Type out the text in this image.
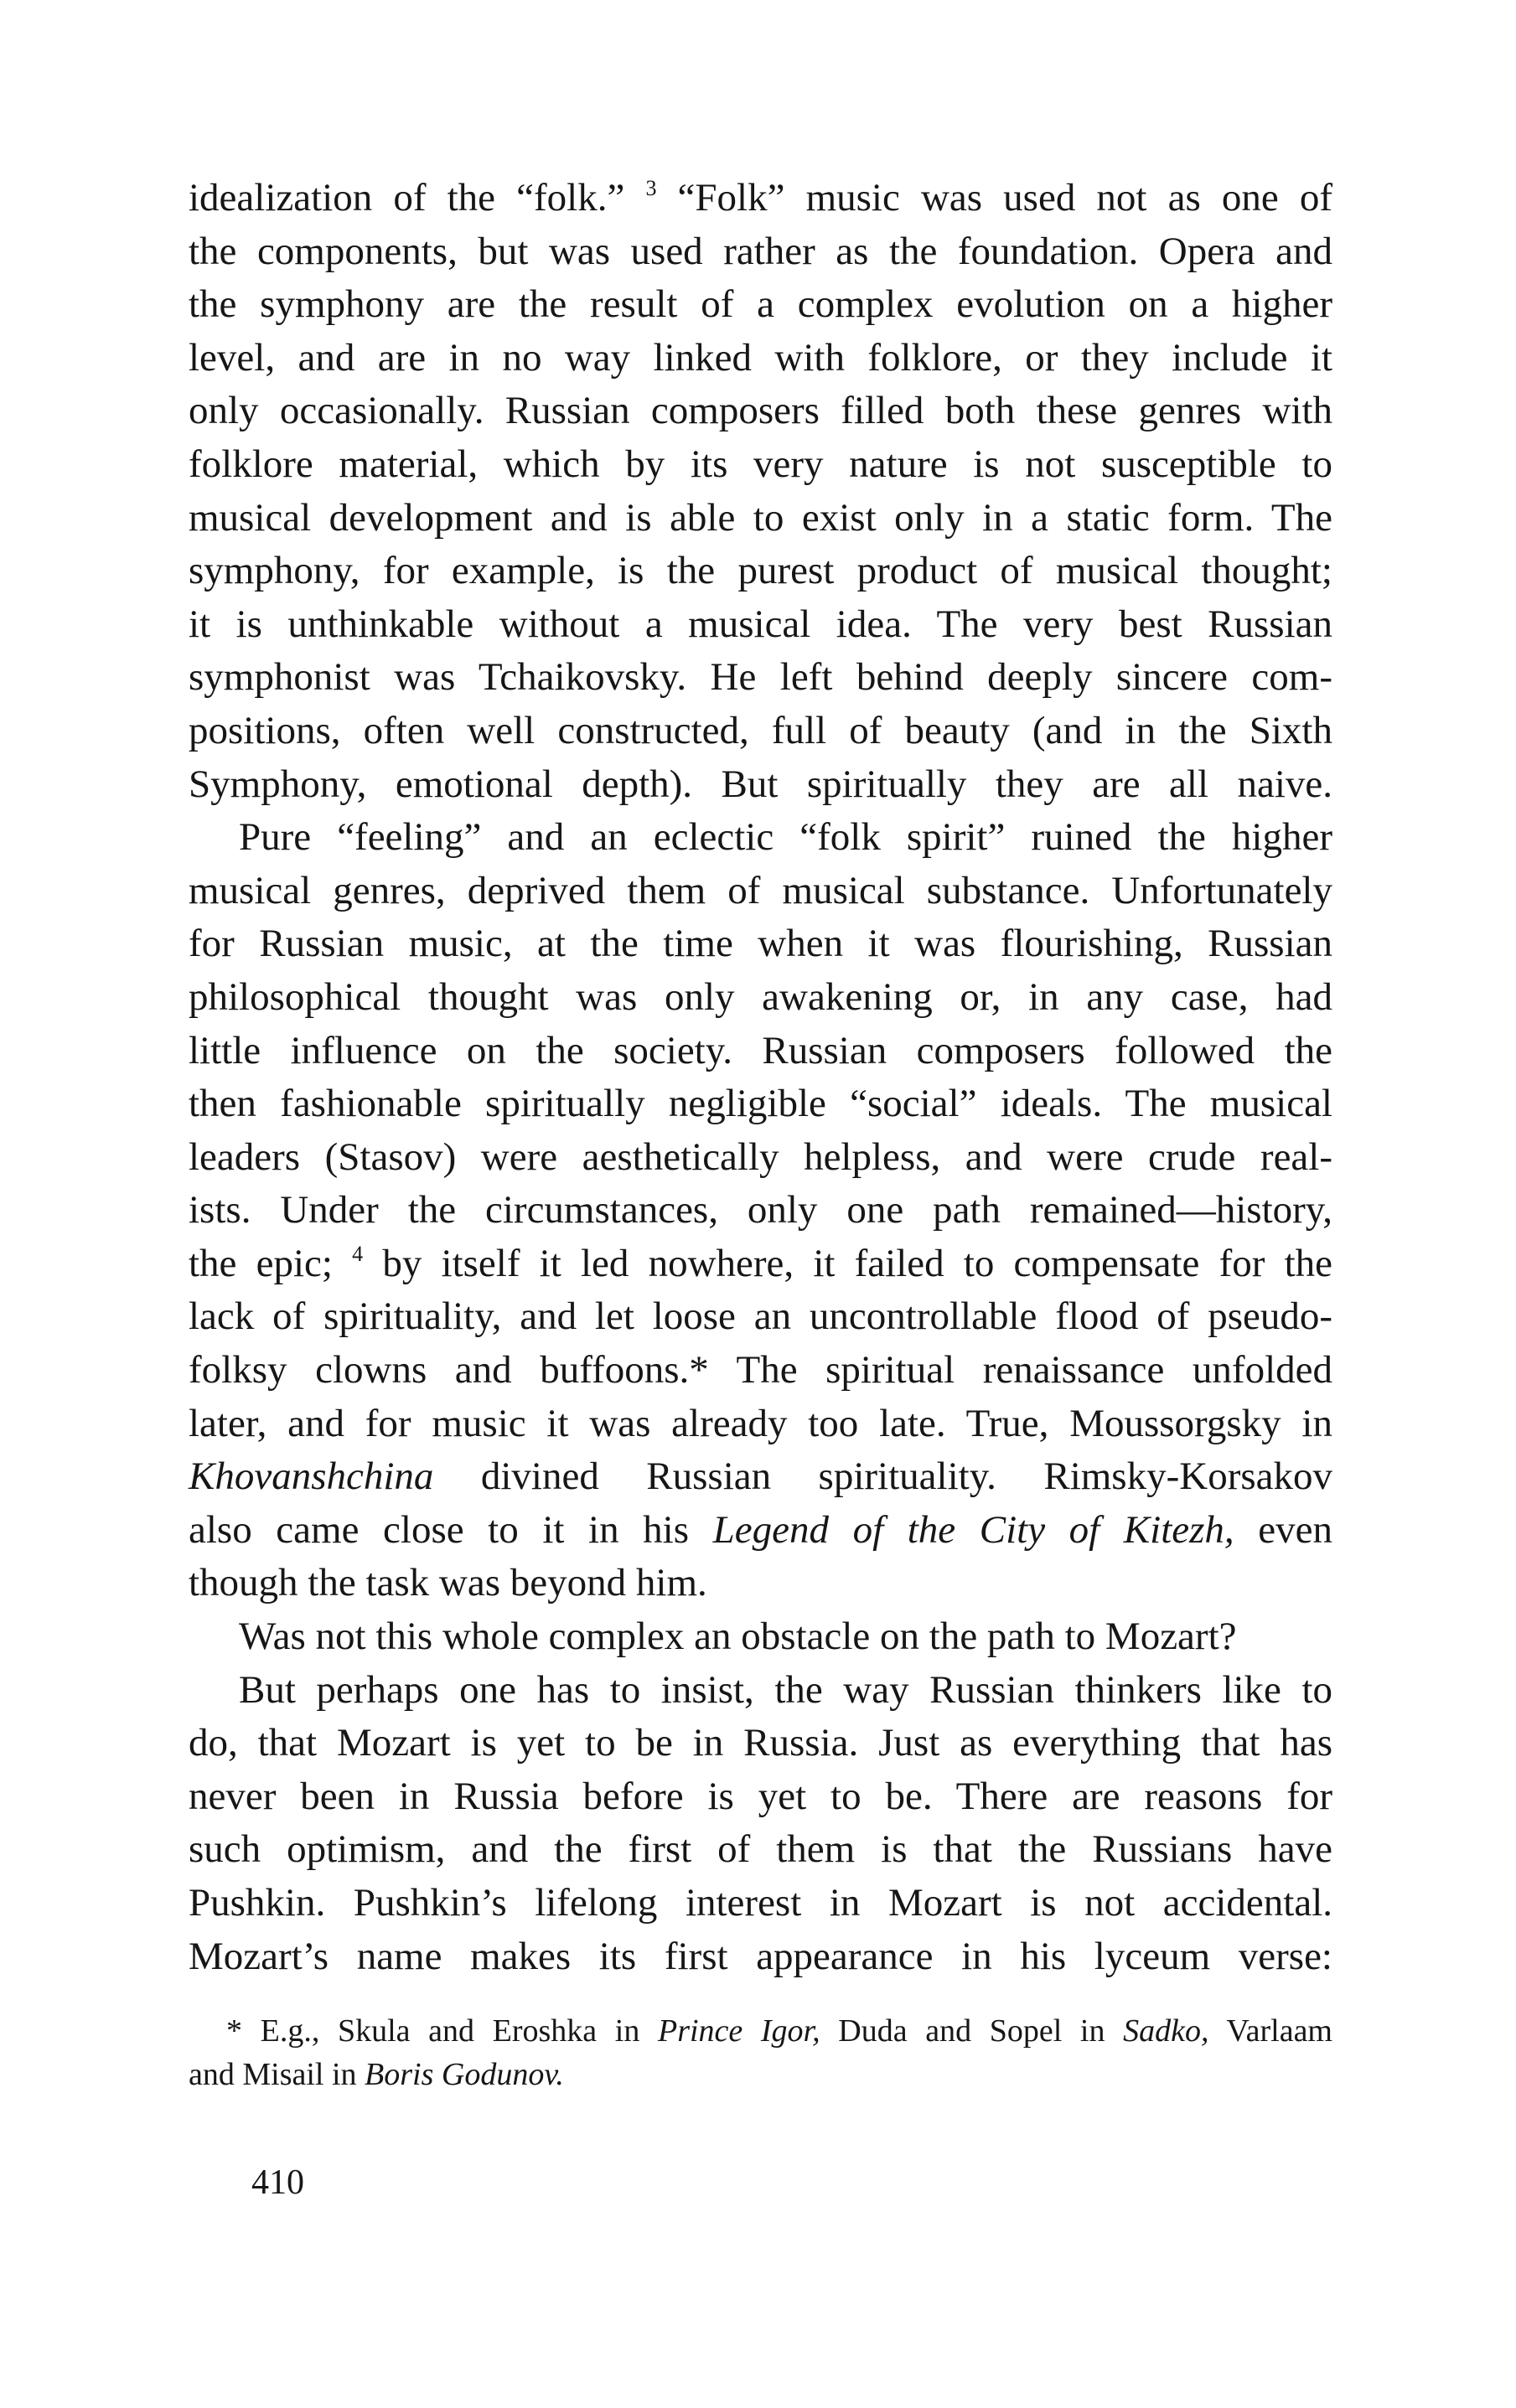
idealization of the “folk.” $^3$ “Folk” music was used not as one of
the components, but was used rather as the foundation. Opera and
the symphony are the result of a complex evolution on a higher
level, and are in no way linked with folklore, or they include it
only occasionally. Russian composers filled both these genres with
folklore material, which by its very nature is not susceptible to
musical development and is able to exist only in a static form. The
symphony, for example, is the purest product of musical thought;
it is unthinkable without a musical idea. The very best Russian
symphonist was Tchaikovsky. He left behind deeply sincere com-
positions, often well constructed, full of beauty (and in the Sixth
Symphony, emotional depth). But spiritually they are all naive.
Pure “feeling” and an eclectic “folk spirit” ruined the higher
musical genres, deprived them of musical substance. Unfortunately
for Russian music, at the time when it was flourishing, Russian
philosophical thought was only awakening or, in any case, had
little influence on the society. Russian composers followed the
then fashionable spiritually negligible “social” ideals. The musical
leaders (Stasov) were aesthetically helpless, and were crude real-
ists. Under the circumstances, only one path remained—history,
the epic; $^4$ by itself it led nowhere, it failed to compensate for the
lack of spirituality, and let loose an uncontrollable flood of pseudo-
folksy clowns and buffoons.* The spiritual renaissance unfolded
later, and for music it was already too late. True, Moussorgsky in
Khovanshchina divined Russian spirituality. Rimsky-Korsakov
also came close to it in his Legend of the City of Kitezh, even
though the task was beyond him.
Was not this whole complex an obstacle on the path to Mozart?
But perhaps one has to insist, the way Russian thinkers like to
do, that Mozart is yet to be in Russia. Just as everything that has
never been in Russia before is yet to be. There are reasons for
such optimism, and the first of them is that the Russians have
Pushkin. Pushkin’s lifelong interest in Mozart is not accidental.
Mozart’s name makes its first appearance in his lyceum verse:
* E.g., Skula and Eroshka in Prince Igor, Duda and Sopel in Sadko, Varlaam
and Misail in Boris Godunov.
410
